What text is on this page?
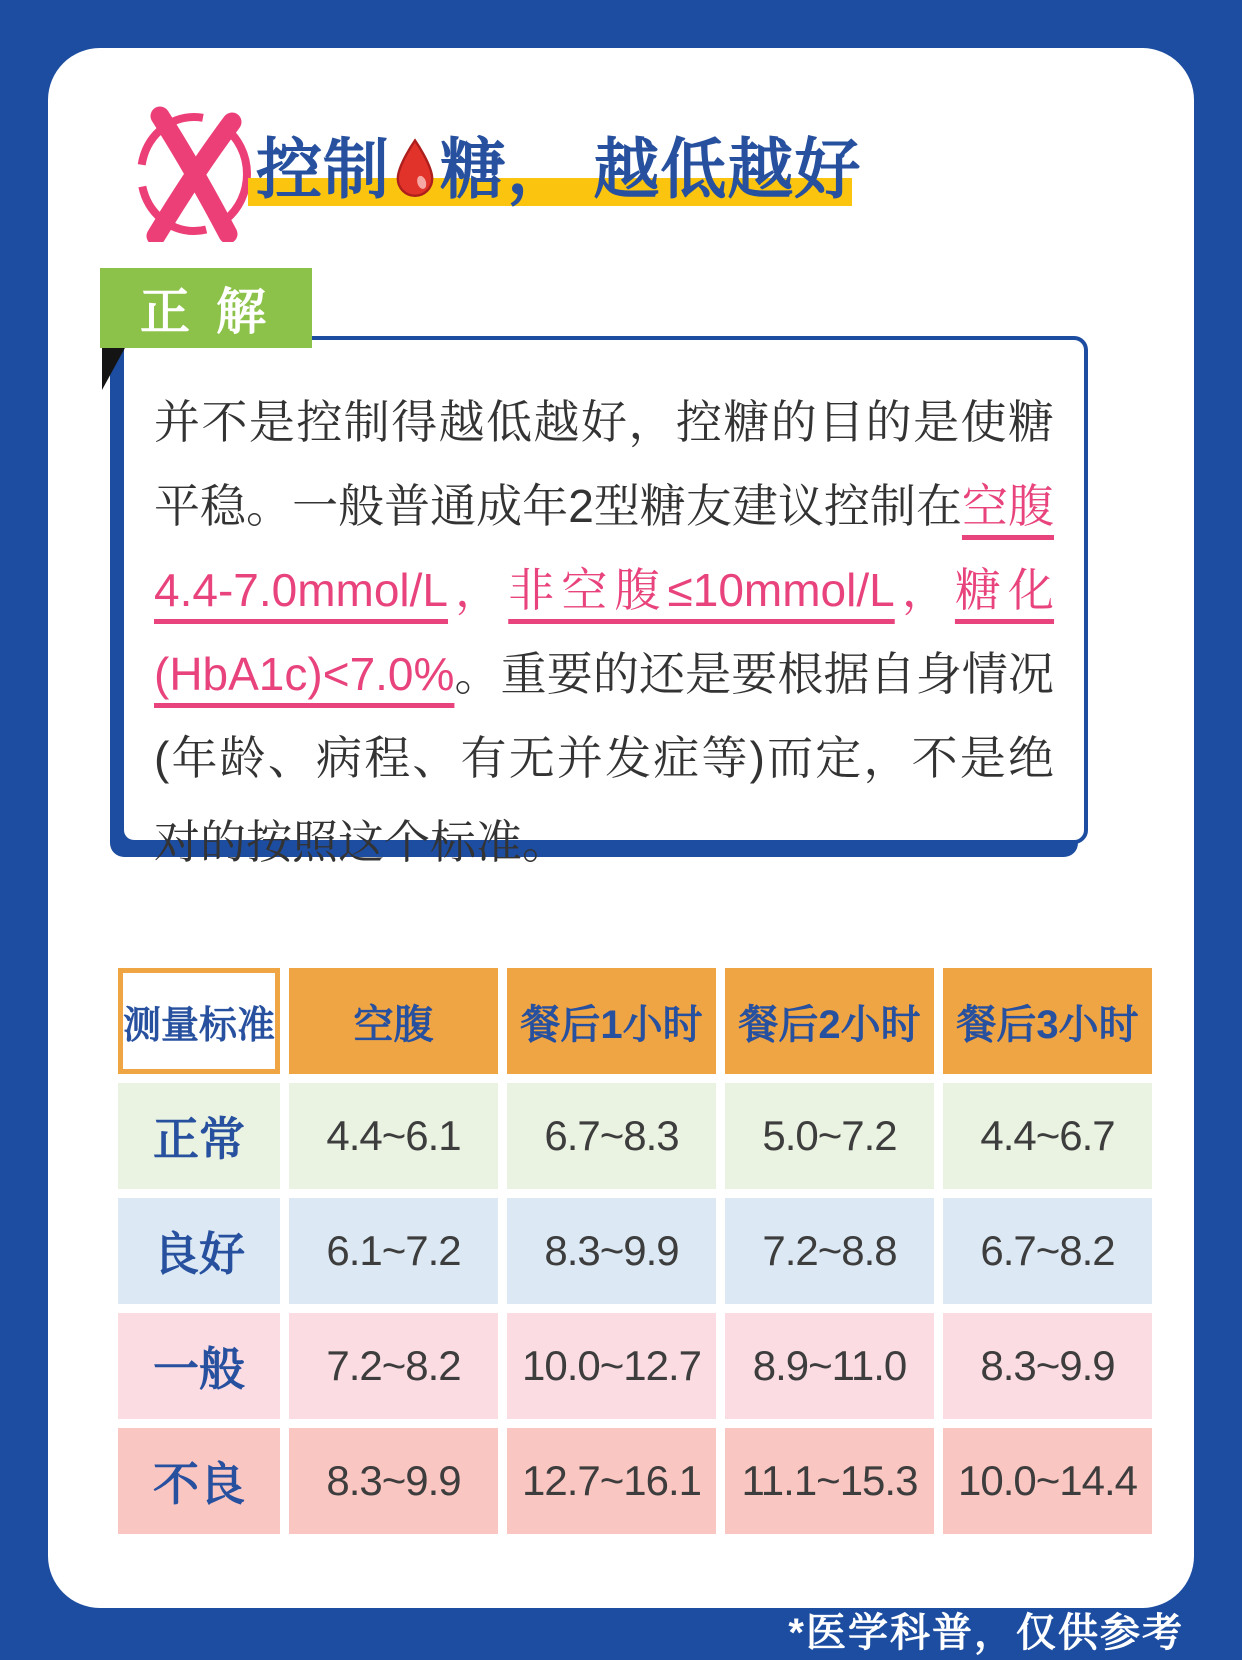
控制 糖， 越低越好
正 解

并不是控制得越低越好，控糖的目的是使糖平稳。一般普通成年2型糖友建议控制在空腹4.4-7.0mmol/L，非空腹≤10mmol/L，糖化(HbA1c)<7.0%。重要的还是要根据自身情况(年龄、病程、有无并发症等)而定，不是绝对的按照这个标准。

测量标准	空腹	餐后1小时 餐后2小时 餐后3小时
正常	4.4~6.1	6.7~8.3	5.0~7.2	4.4~6.7
良好	6.1~7.2	8.3~9.9	7.2~8.8	6.7~8.2
一般	7.2~8.2	10.0~12.7	8.9~11.0	8.3~9.9
不良	8.3~9.9	12.7~16.1 11.1~15.3 10.0~14.4
*医学科普，仅供参考
